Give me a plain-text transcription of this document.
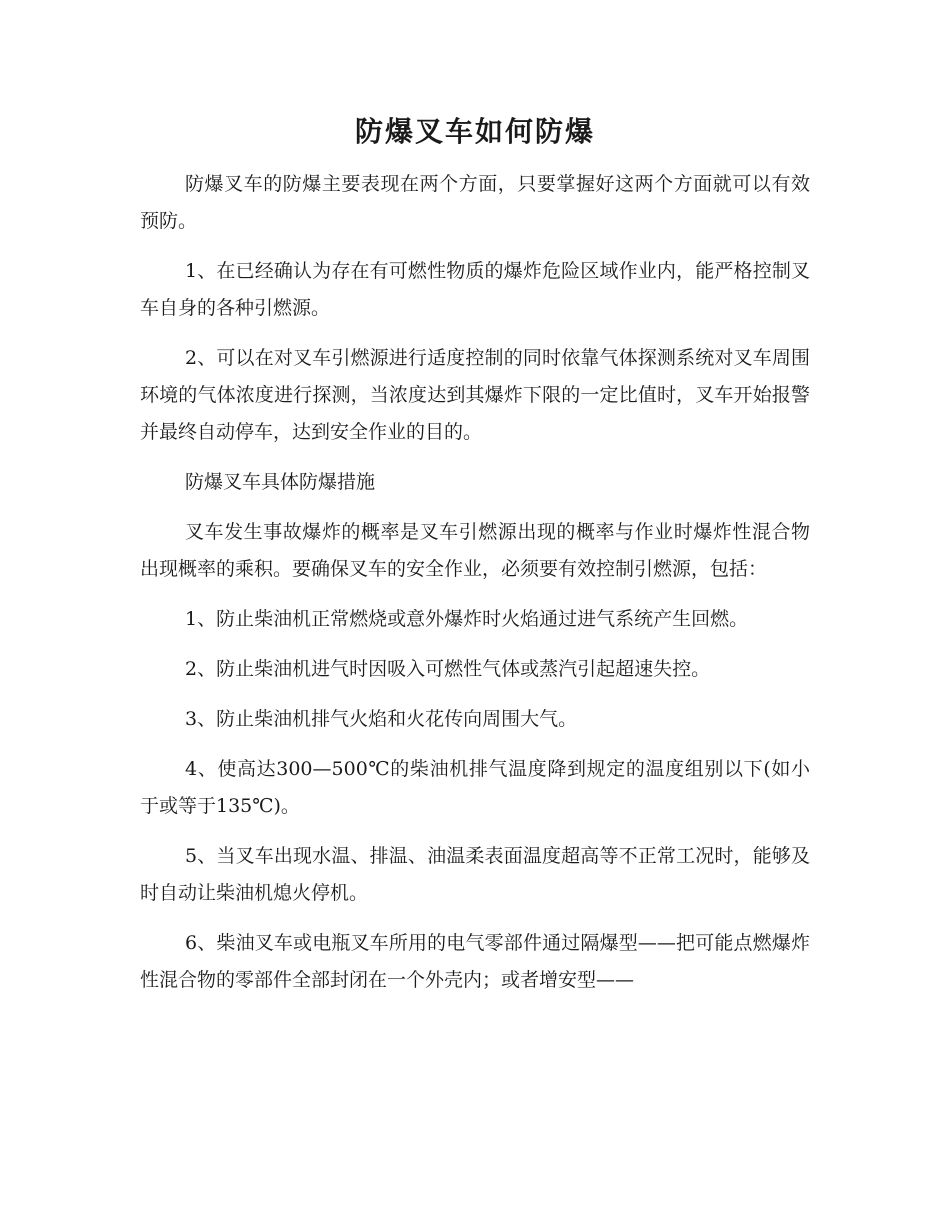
防爆叉车如何防爆

防爆叉车的防爆主要表现在两个方面，只要掌握好这两个方面就可以有效预防。

1、在已经确认为存在有可燃性物质的爆炸危险区域作业内，能严格控制叉车自身的各种引燃源。

2、可以在对叉车引燃源进行适度控制的同时依靠气体探测系统对叉车周围环境的气体浓度进行探测，当浓度达到其爆炸下限的一定比值时，叉车开始报警并最终自动停车，达到安全作业的目的。

防爆叉车具体防爆措施

叉车发生事故爆炸的概率是叉车引燃源出现的概率与作业时爆炸性混合物出现概率的乘积。要确保叉车的安全作业，必须要有效控制引燃源，包括：

1、防止柴油机正常燃烧或意外爆炸时火焰通过进气系统产生回燃。

2、防止柴油机进气时因吸入可燃性气体或蒸汽引起超速失控。

3、防止柴油机排气火焰和火花传向周围大气。

4、使高达300—500℃的柴油机排气温度降到规定的温度组别以下(如小于或等于135℃)。

5、当叉车出现水温、排温、油温柔表面温度超高等不正常工况时，能够及时自动让柴油机熄火停机。

6、柴油叉车或电瓶叉车所用的电气零部件通过隔爆型——把可能点燃爆炸性混合物的零部件全部封闭在一个外壳内；或者增安型——
